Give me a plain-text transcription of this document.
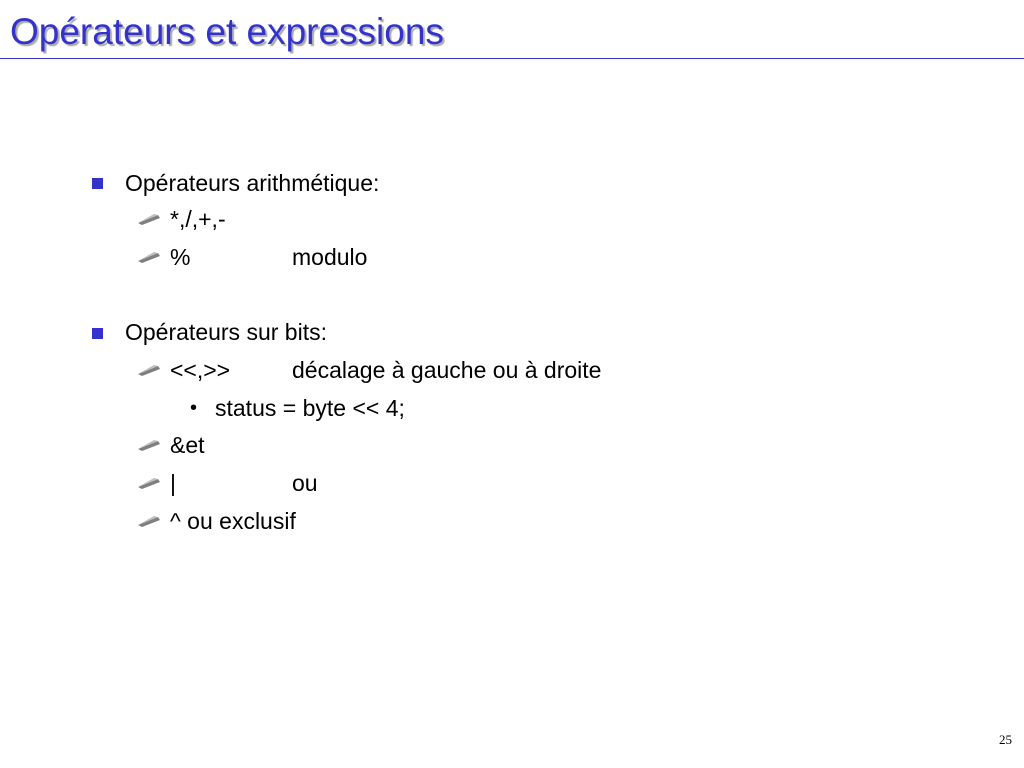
Opérateurs et expressions
Opérateurs arithmétique:
*,/,+,-
%	modulo
Opérateurs sur bits:
<<,>>	décalage à gauche ou à droite
• status = byte << 4;
&et
|	ou
^ ou exclusif
25
